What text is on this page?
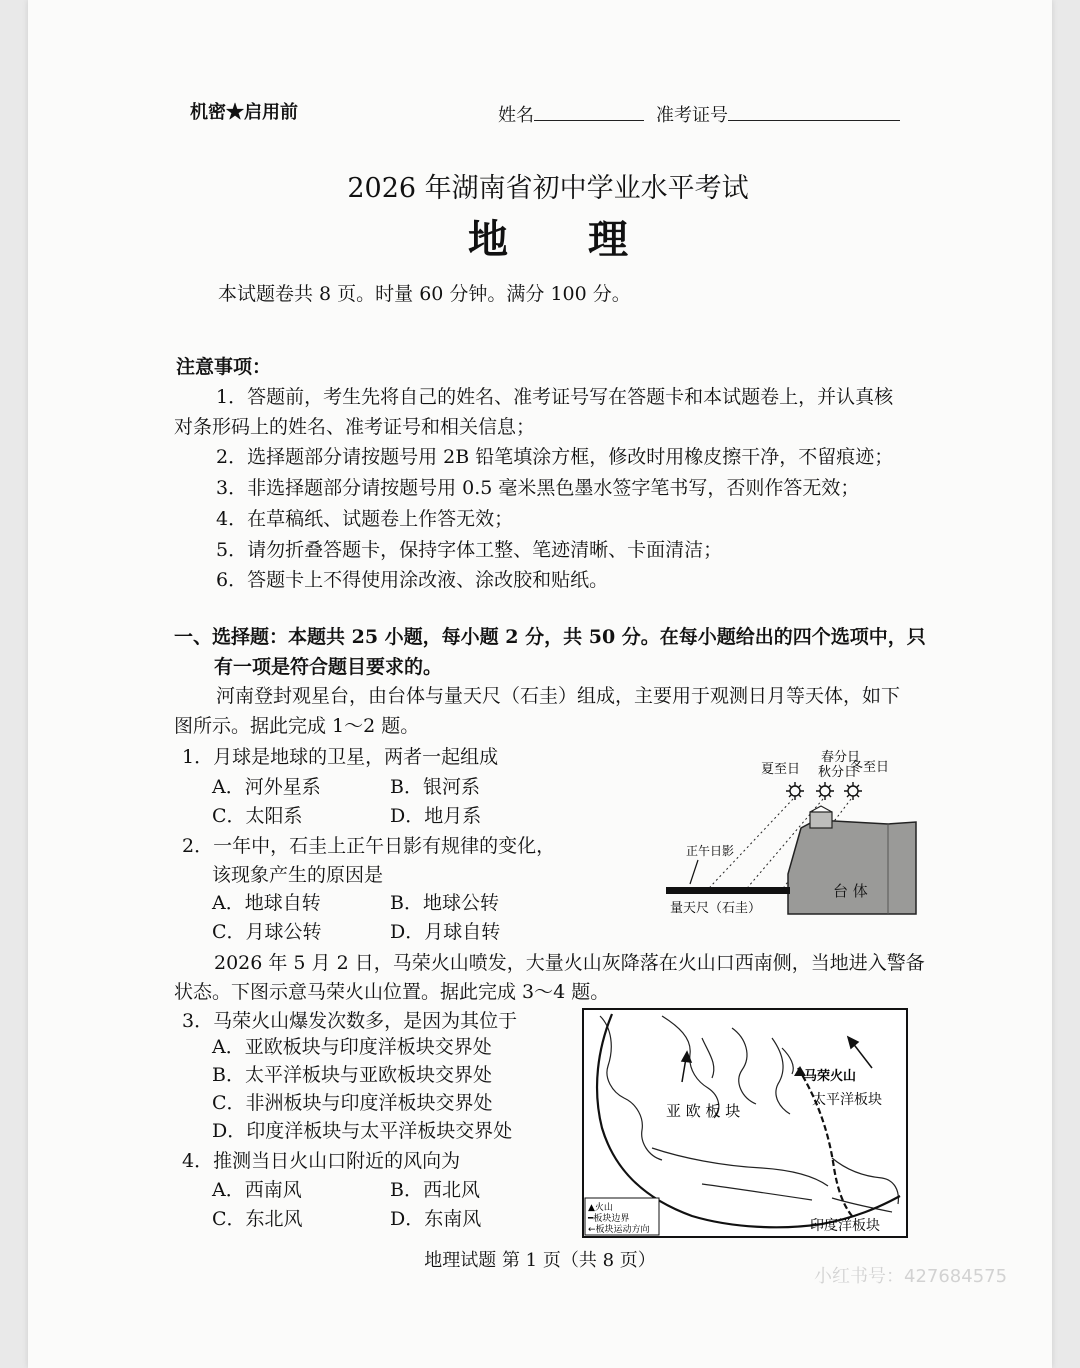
机密★启用前	姓名	准考证号
2026 年湖南省初中学业水平考试
地　　理
本试题卷共 8 页。时量 60 分钟。满分 100 分。
注意事项：
1．答题前，考生先将自己的姓名、准考证号写在答题卡和本试题卷上，并认真核
对条形码上的姓名、准考证号和相关信息；
2．选择题部分请按题号用 2B 铅笔填涂方框，修改时用橡皮擦干净，不留痕迹；
3．非选择题部分请按题号用 0.5 毫米黑色墨水签字笔书写，否则作答无效；
4．在草稿纸、试题卷上作答无效；
5．请勿折叠答题卡，保持字体工整、笔迹清晰、卡面清洁；
6．答题卡上不得使用涂改液、涂改胶和贴纸。
一、选择题：本题共 25 小题，每小题 2 分，共 50 分。在每小题给出的四个选项中，只
有一项是符合题目要求的。
河南登封观星台，由台体与量天尺（石圭）组成，主要用于观测日月等天体，如下
图所示。据此完成 1～2 题。
1．月球是地球的卫星，两者一起组成
A．河外星系	B．银河系
C．太阳系	D．地月系
2．一年中，石圭上正午日影有规律的变化，
该现象产生的原因是
A．地球自转	B．地球公转
C．月球公转	D．月球自转
夏至日
春分日
秋分日
冬至日
正午日影
台 体
量天尺（石圭）
2026 年 5 月 2 日，马荣火山喷发，大量火山灰降落在火山口西南侧，当地进入警备
状态。下图示意马荣火山位置。据此完成 3～4 题。
3．马荣火山爆发次数多，是因为其位于
A．亚欧板块与印度洋板块交界处
B．太平洋板块与亚欧板块交界处
C．非洲板块与印度洋板块交界处
D．印度洋板块与太平洋板块交界处
4．推测当日火山口附近的风向为
A．西南风	B．西北风
C．东北风	D．东南风
马荣火山
太平洋板块
亚 欧 板 块
印度洋板块
▲火山
━板块边界
←板块运动方向
地理试题 第 1 页（共 8 页）
小红书号：427684575
